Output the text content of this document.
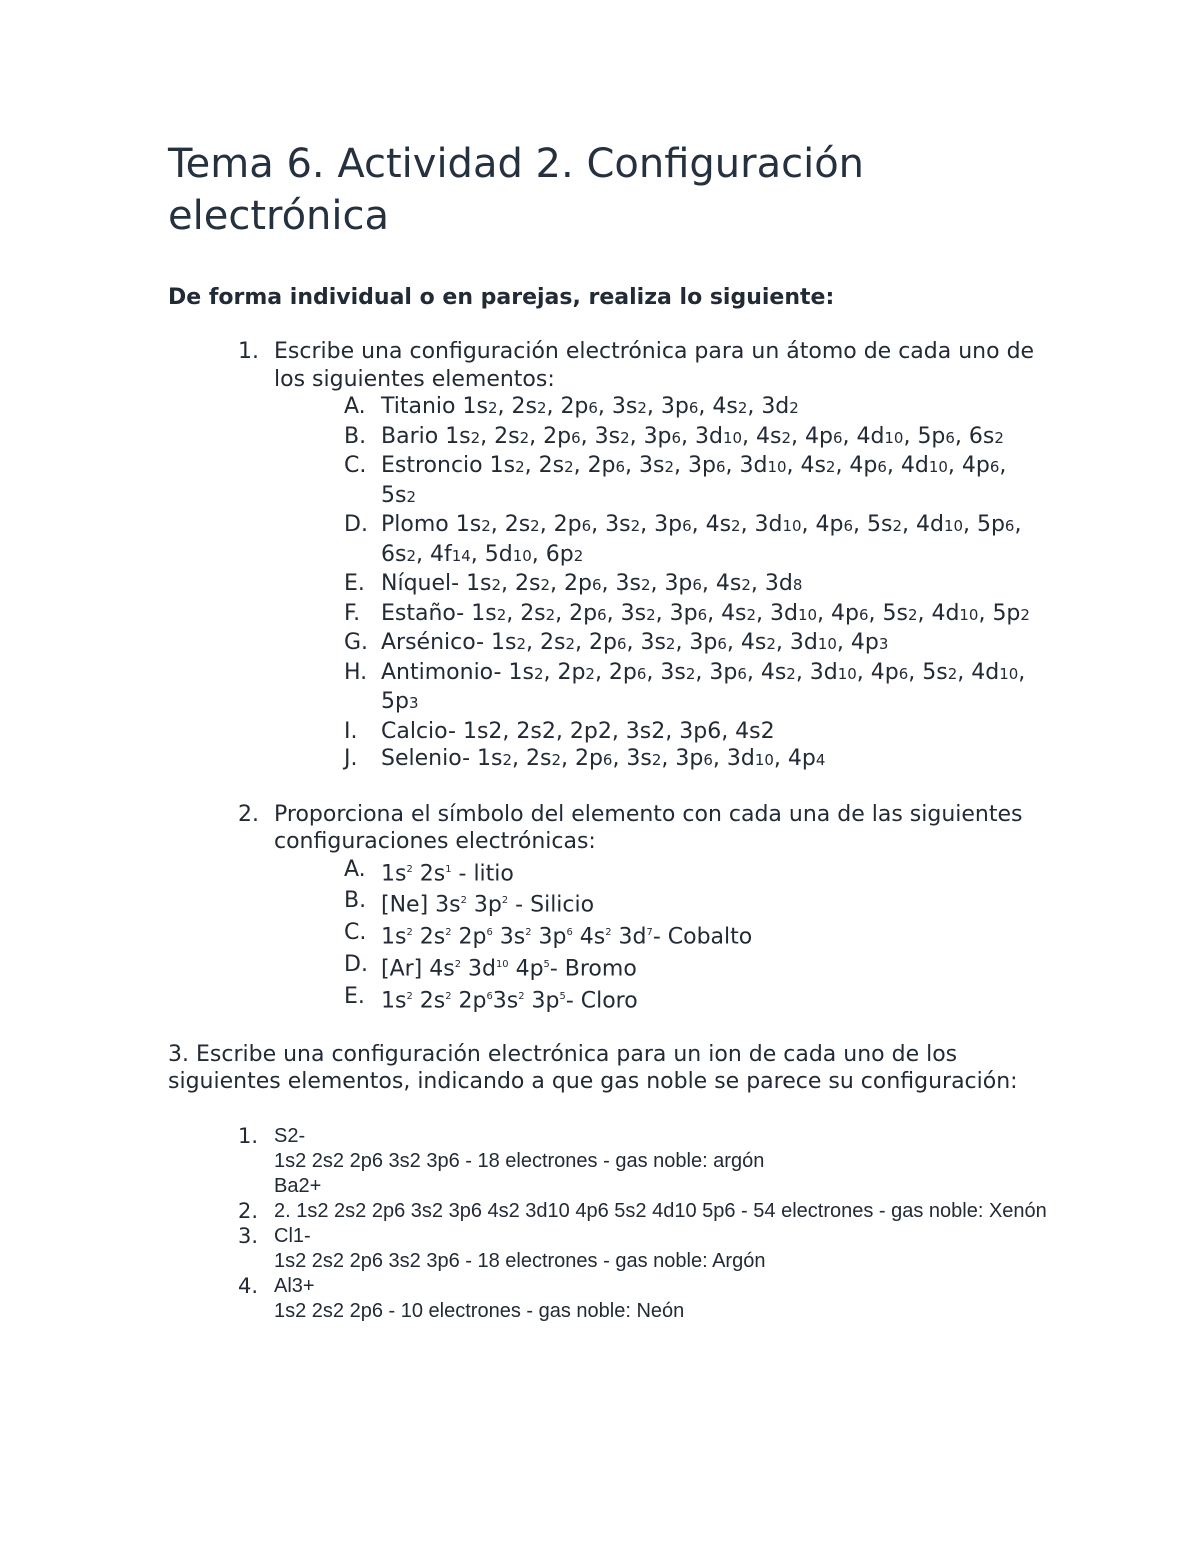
Tema 6. Actividad 2. Configuración electrónica
De forma individual o en parejas, realiza lo siguiente:
1. Escribe una configuración electrónica para un átomo de cada uno de los siguientes elementos:
A. Titanio 1s2, 2s2, 2p6, 3s2, 3p6, 4s2, 3d2
B. Bario 1s2, 2s2, 2p6, 3s2, 3p6, 3d10, 4s2, 4p6, 4d10, 5p6, 6s2
C. Estroncio 1s2, 2s2, 2p6, 3s2, 3p6, 3d10, 4s2, 4p6, 4d10, 4p6, 5s2
D. Plomo 1s2, 2s2, 2p6, 3s2, 3p6, 4s2, 3d10, 4p6, 5s2, 4d10, 5p6, 6s2, 4f14, 5d10, 6p2
E. Níquel- 1s2, 2s2, 2p6, 3s2, 3p6, 4s2, 3d8
F. Estaño- 1s2, 2s2, 2p6, 3s2, 3p6, 4s2, 3d10, 4p6, 5s2, 4d10, 5p2
G. Arsénico- 1s2, 2s2, 2p6, 3s2, 3p6, 4s2, 3d10, 4p3
H. Antimonio- 1s2, 2p2, 2p6, 3s2, 3p6, 4s2, 3d10, 4p6, 5s2, 4d10, 5p3
I. Calcio- 1s2, 2s2, 2p2, 3s2, 3p6, 4s2
J. Selenio- 1s2, 2s2, 2p6, 3s2, 3p6, 3d10, 4p4
2. Proporciona el símbolo del elemento con cada una de las siguientes configuraciones electrónicas:
A. $1s^2$ $2s^1$ - litio
B. [Ne] $3s^2$ $3p^2$ - Silicio
C. $1s^2$ $2s^2$ $2p^6$ $3s^2$ $3p^6$ $4s^2$ $3d^7-$ Cobalto
D. [Ar] $4s^2$ $3d^{10}$ $4p^5-$ Bromo
E. $1s^2$ $2s^2$ $2p^63s^2$ $3p^5-$ Cloro
3. Escribe una configuración electrónica para un ion de cada uno de los siguientes elementos, indicando a que gas noble se parece su configuración:
1. S2-
1s2 2s2 2p6 3s2 3p6 - 18 electrones - gas noble: argón
Ba2+
2. 2. 1s2 2s2 2p6 3s2 3p6 4s2 3d10 4p6 5s2 4d10 5p6 - 54 electrones - gas noble: Xenón
3. Cl1-
1s2 2s2 2p6 3s2 3p6 - 18 electrones - gas noble: Argón
4. Al3+
1s2 2s2 2p6 - 10 electrones - gas noble: Neón
